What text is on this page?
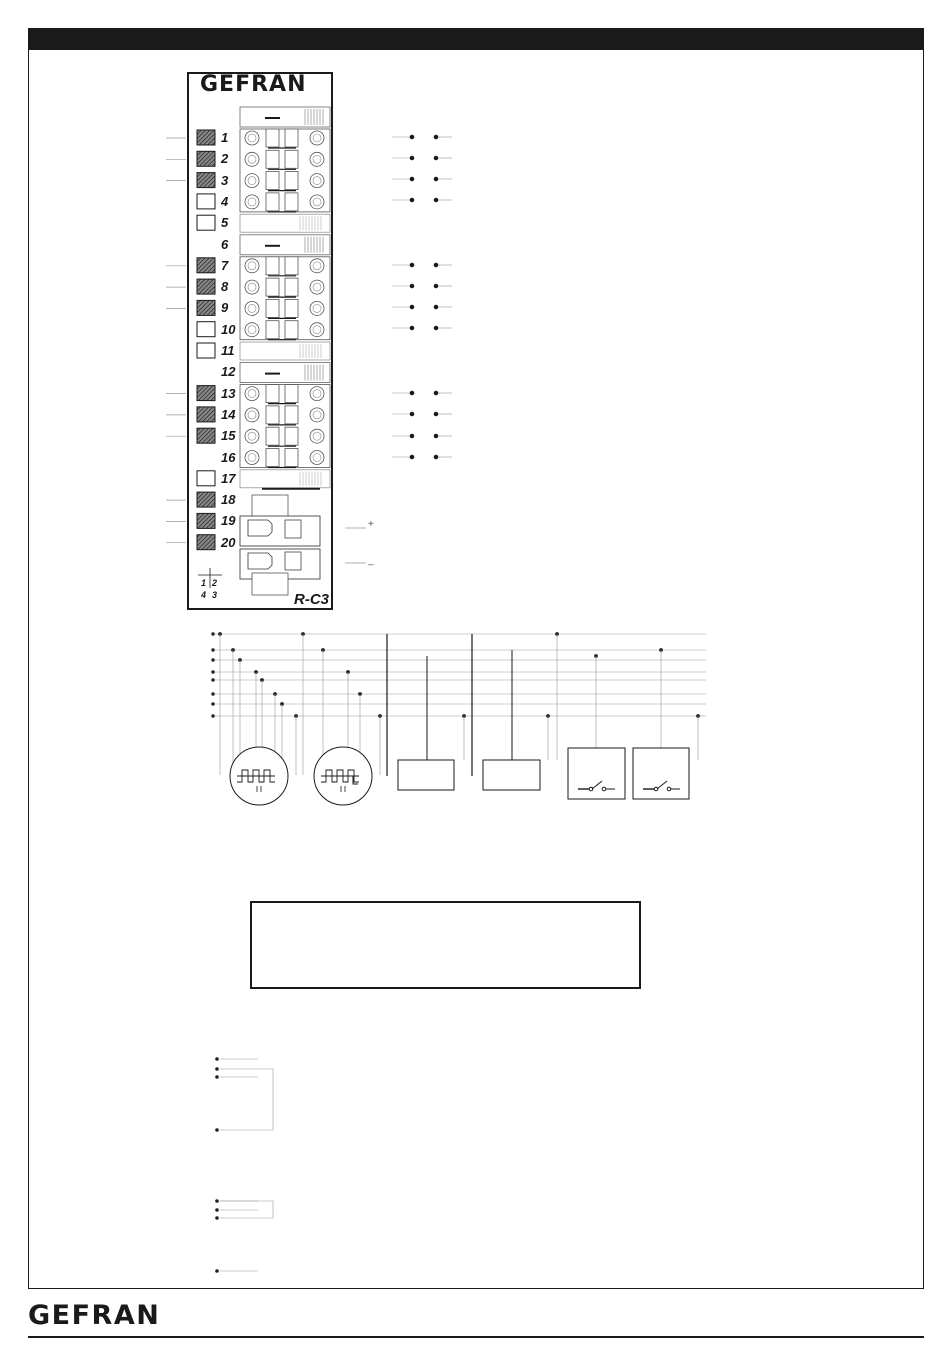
GEFRAN
1
2
3
4
5
6
7
8
9
10
11
12
13
14
15
16
17
18
19
20
R-C3
1 2
4 3
+
_
GEFRAN
